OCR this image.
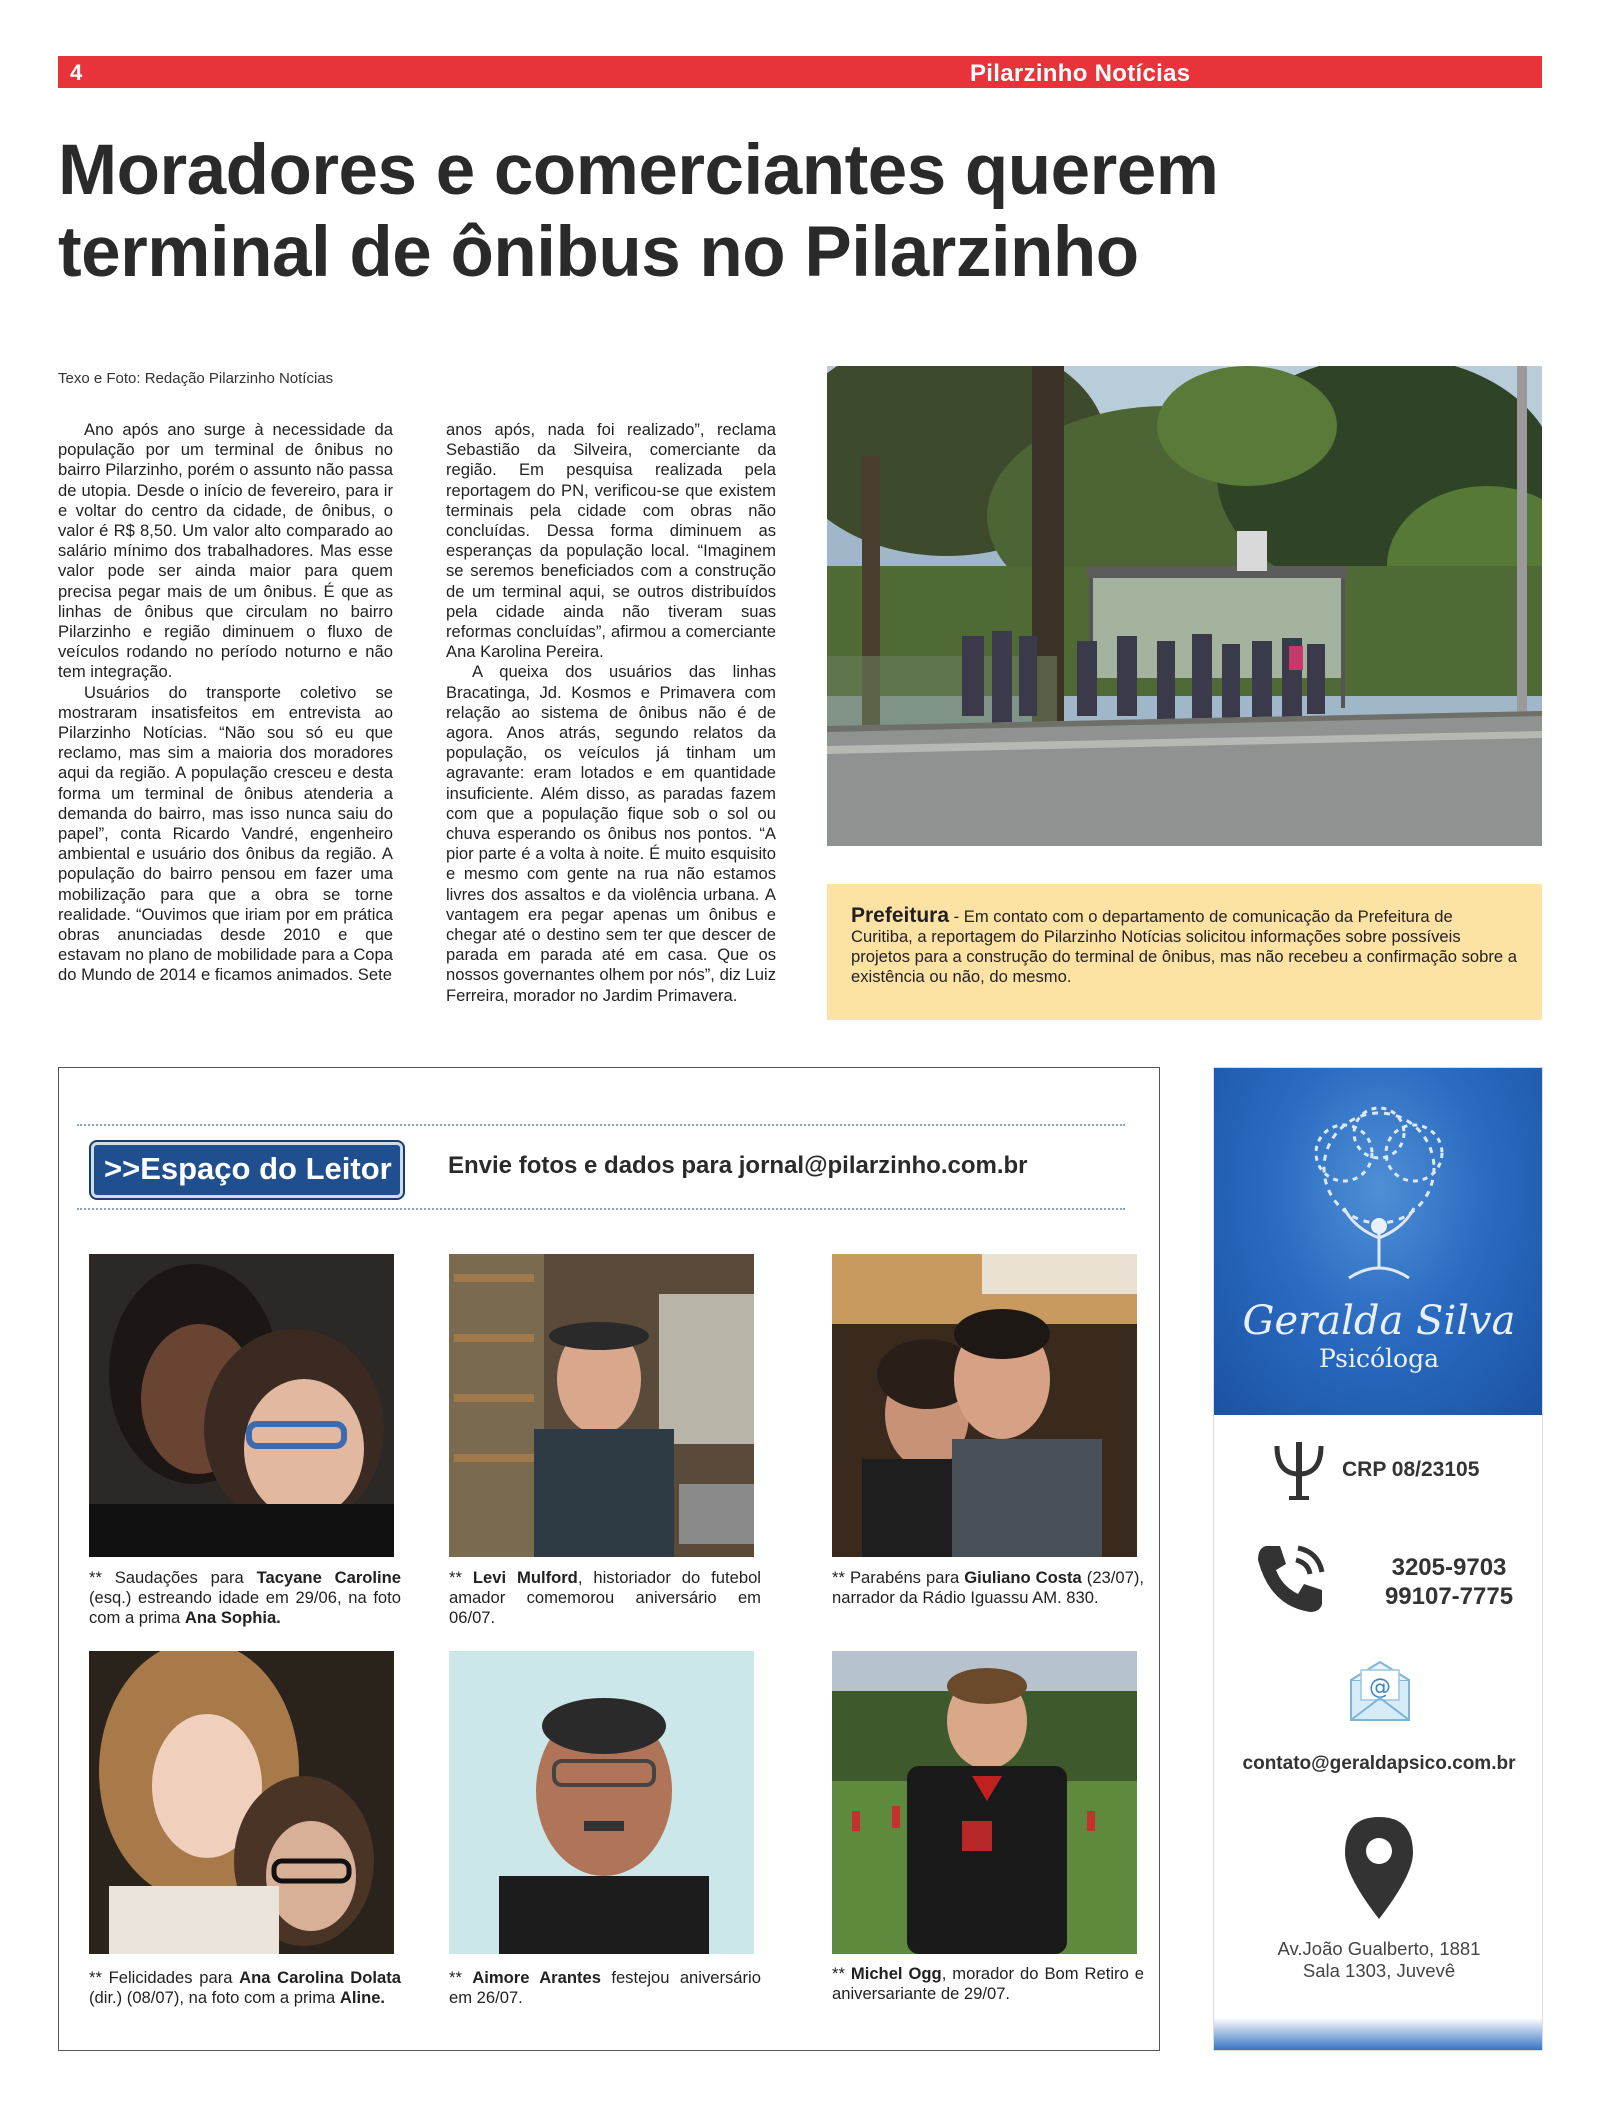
4	Pilarzinho Notícias
Moradores e comerciantes querem
terminal de ônibus no Pilarzinho
Texo e Foto: Redação Pilarzinho Notícias

Ano após ano surge à necessidade da população por um terminal de ônibus no bairro Pilarzinho, porém o assunto não passa de utopia. Desde o início de fevereiro, para ir e voltar do centro da cidade, de ônibus, o valor é R$ 8,50. Um valor alto comparado ao salário mínimo dos trabalhadores. Mas esse valor pode ser ainda maior para quem precisa pegar mais de um ônibus. É que as linhas de ônibus que circulam no bairro Pilarzinho e região diminuem o fluxo de veículos rodando no período noturno e não tem integração.

Usuários do transporte coletivo se mostraram insatisfeitos em entrevista ao Pilarzinho Notícias. “Não sou só eu que reclamo, mas sim a maioria dos moradores aqui da região. A população cresceu e desta forma um terminal de ônibus atenderia a demanda do bairro, mas isso nunca saiu do papel”, conta Ricardo Vandré, engenheiro ambiental e usuário dos ônibus da região. A população do bairro pensou em fazer uma mobilização para que a obra se torne realidade. “Ouvimos que iriam por em prática obras anunciadas desde 2010 e que estavam no plano de mobilidade para a Copa do Mundo de 2014 e ficamos animados. Sete

anos após, nada foi realizado”, reclama Sebastião da Silveira, comerciante da região. Em pesquisa realizada pela reportagem do PN, verificou-se que existem terminais pela cidade com obras não concluídas. Dessa forma diminuem as esperanças da população local. “Imaginem se seremos beneficiados com a construção de um terminal aqui, se outros distribuídos pela cidade ainda não tiveram suas reformas concluídas”, afirmou a comerciante Ana Karolina Pereira.

A queixa dos usuários das linhas Bracatinga, Jd. Kosmos e Primavera com relação ao sistema de ônibus não é de agora. Anos atrás, segundo relatos da população, os veículos já tinham um agravante: eram lotados e em quantidade insuficiente. Além disso, as paradas fazem com que a população fique sob o sol ou chuva esperando os ônibus nos pontos. “A pior parte é a volta à noite. É muito esquisito e mesmo com gente na rua não estamos livres dos assaltos e da violência urbana. A vantagem era pegar apenas um ônibus e chegar até o destino sem ter que descer de parada em parada até em casa. Que os nossos governantes olhem por nós”, diz Luiz Ferreira, morador no Jardim Primavera.

Prefeitura - Em contato com o departamento de comunicação da Prefeitura de Curitiba, a reportagem do Pilarzinho Notícias solicitou informações sobre possíveis projetos para a construção do terminal de ônibus, mas não recebeu a confirmação sobre a existência ou não, do mesmo.
>>Espaço do Leitor	Envie fotos e dados para jornal@pilarzinho.com.br
** Saudações para Tacyane Caroline (esq.) estreando idade em 29/06, na foto com a prima Ana Sophia.
** Levi Mulford, historiador do futebol amador comemorou aniversário em 06/07.
** Parabéns para Giuliano Costa (23/07), narrador da Rádio Iguassu AM. 830.
** Felicidades para Ana Carolina Dolata (dir.) (08/07), na foto com a prima Aline.
** Aimore Arantes festejou aniversário em 26/07.
** Michel Ogg, morador do Bom Retiro e aniversariante de 29/07.
Geralda Silva
Psicóloga
CRP 08/23105
3205-9703
99107-7775
@
contato@geraldapsico.com.br
Av.João Gualberto, 1881
Sala 1303, Juvevê
